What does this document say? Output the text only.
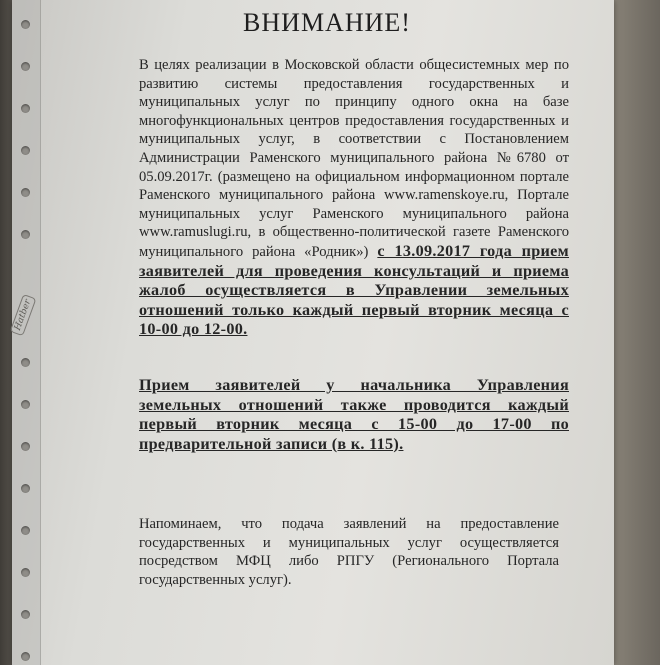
Hatber
ВНИМАНИЕ!

В целях реализации в Московской области общесистемных мер по развитию системы предоставления государственных и муниципальных услуг по принципу одного окна на базе многофункциональных центров предоставления государственных и муниципальных услуг, в соответствии с Постановлением Администрации Раменского муниципального района №6780 от 05.09.2017г. (размещено на официальном информационном портале Раменского муниципального района www.ramenskoye.ru, Портале муниципальных услуг Раменского муниципального района www.ramuslugi.ru, в общественно-политической газете Раменского муниципального района «Родник») с 13.09.2017 года прием заявителей для проведения консультаций и приема жалоб осуществляется в Управлении земельных отношений только каждый первый вторник месяца с 10-00 до 12-00.

Прием заявителей у начальника Управления земельных отношений также проводится каждый первый вторник месяца с 15-00 до 17-00 по предварительной записи (в к. 115).

Напоминаем, что подача заявлений на предоставление государственных и муниципальных услуг осуществляется посредством МФЦ либо РПГУ (Регионального Портала государственных услуг).
